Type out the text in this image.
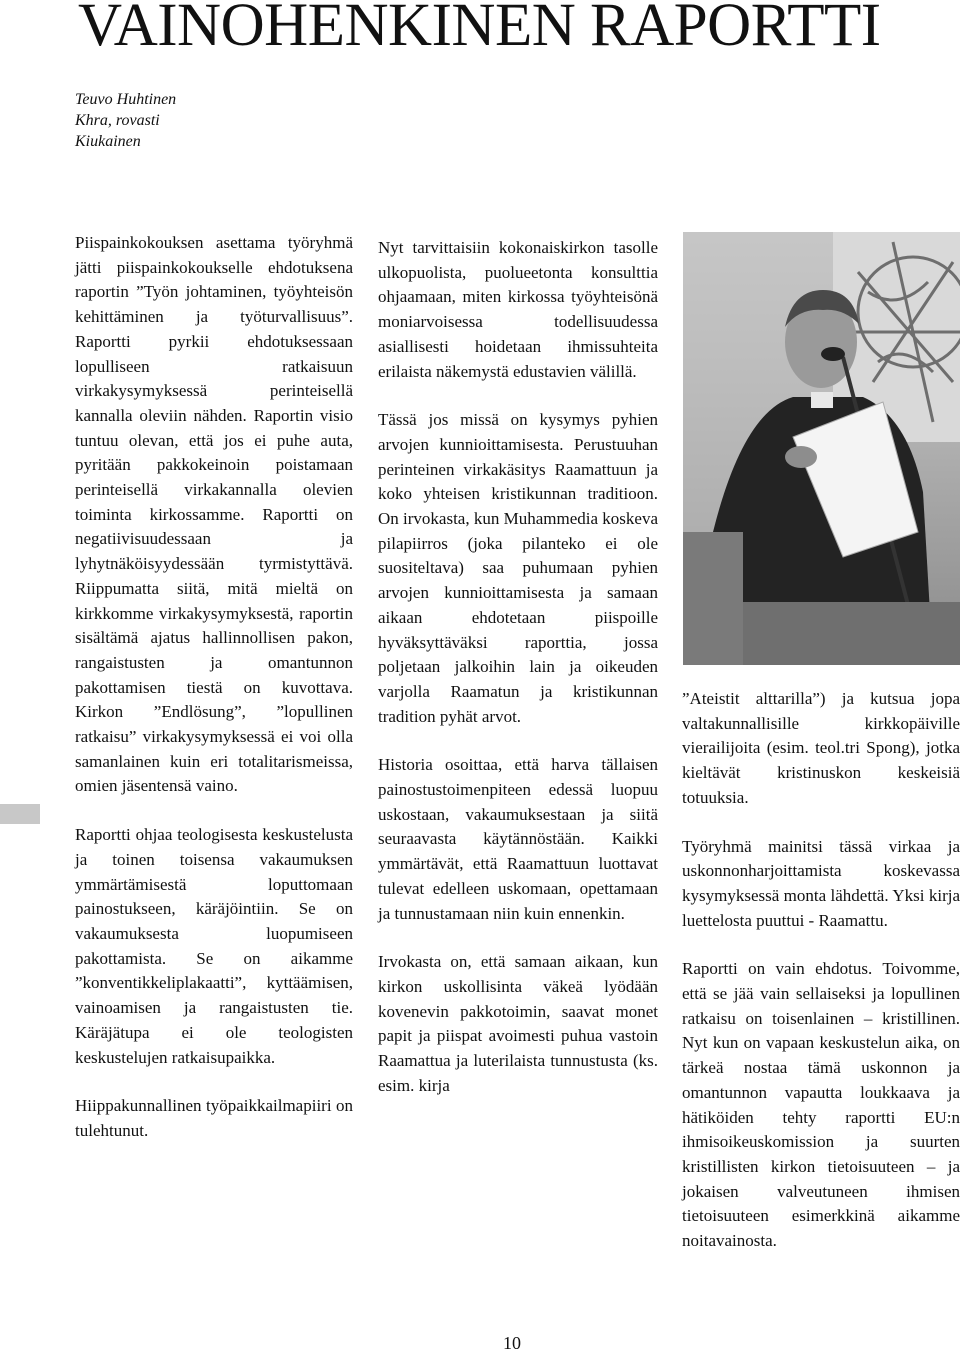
VAINOHENKINEN RAPORTTI
Teuvo Huhtinen
Khra, rovasti
Kiukainen

Piispainkokouksen asettama työryhmä jätti piispainkokoukselle ehdotuksena raportin ”Työn johtaminen, työyhteisön kehittäminen ja työturvallisuus”. Raportti pyrkii ehdotuksessaan lopulliseen ratkaisuun virkakysymyksessä perinteisellä kannalla oleviin nähden. Raportin visio tuntuu olevan, että jos ei puhe auta, pyritään pakkokeinoin poistamaan perinteisellä virkakannalla olevien toiminta kirkossamme. Raportti on negatiivisuudessaan ja lyhytnäköisyydessään tyrmistyttävä. Riippumatta siitä, mitä mieltä on kirkkomme virkakysymyksestä, raportin sisältämä ajatus hallinnollisen pakon, rangaistusten ja omantunnon pakottamisen tiestä on kuvottava. Kirkon ”Endlösung”, ”lopullinen ratkaisu” virkakysymyksessä ei voi olla samanlainen kuin eri totalitarismeissa, omien jäsentensä vaino.

Raportti ohjaa teologisesta keskustelusta ja toinen toisensa vakaumuksen ymmärtämisestä loputtomaan painostukseen, käräjöintiin. Se on vakaumuksesta luopumiseen pakottamista. Se on aikamme ”konventikkeliplakaatti”, kyttäämisen, vainoamisen ja rangaistusten tie. Käräjätupa ei ole teologisten keskustelujen ratkaisupaikka.

Hiippakunnallinen työpaikkailmapiiri on tulehtunut.

Nyt tarvittaisiin kokonaiskirkon tasolle ulkopuolista, puolueetonta konsulttia ohjaamaan, miten kirkossa työyhteisönä moniarvoisessa todellisuudessa asiallisesti hoidetaan ihmissuhteita erilaista näkemystä edustavien välillä.

Tässä jos missä on kysymys pyhien arvojen kunnioittamisesta. Perustuuhan perinteinen virkakäsitys Raamattuun ja koko yhteisen kristikunnan traditioon. On irvokasta, kun Muhammedia koskeva pilapiirros (joka pilanteko ei ole suositeltava) saa puhumaan pyhien arvojen kunnioittamisesta ja samaan aikaan ehdotetaan piispoille hyväksyttäväksi raporttia, jossa poljetaan jalkoihin lain ja oikeuden varjolla Raamatun ja kristikunnan tradition pyhät arvot.

Historia osoittaa, että harva tällaisen painostustoimenpiteen edessä luopuu uskostaan, vakaumuksestaan ja siitä seuraavasta käytännöstään. Kaikki ymmärtävät, että Raamattuun luottavat tulevat edelleen uskomaan, opettamaan ja tunnustamaan niin kuin ennenkin.

Irvokasta on, että samaan aikaan, kun kirkon uskollisinta väkeä lyödään kovenevin pakkotoimin, saavat monet papit ja piispat avoimesti puhua vastoin Raamattua ja luterilaista tunnustusta (ks. esim. kirja

”Ateistit alttarilla”) ja kutsua jopa valtakunnallisille kirkkopäiville vierailijoita (esim. teol.tri Spong), jotka kieltävät kristinuskon keskeisiä totuuksia.

Työryhmä mainitsi tässä virkaa ja uskonnonharjoittamista koskevassa kysymyksessä monta lähdettä. Yksi kirja luettelosta puuttui - Raamattu.

Raportti on vain ehdotus. Toivomme, että se jää vain sellaiseksi ja lopullinen ratkaisu on toisenlainen – kristillinen. Nyt kun on vapaan keskustelun aika, on tärkeä nostaa tämä uskonnon ja omantunnon vapautta loukkaava ja hätiköiden tehty raportti EU:n ihmisoikeuskomission ja suurten kristillisten kirkon tietoisuuteen – ja jokaisen valveutuneen ihmisen tietoisuuteen esimerkkinä aikamme noitavainosta.

10
